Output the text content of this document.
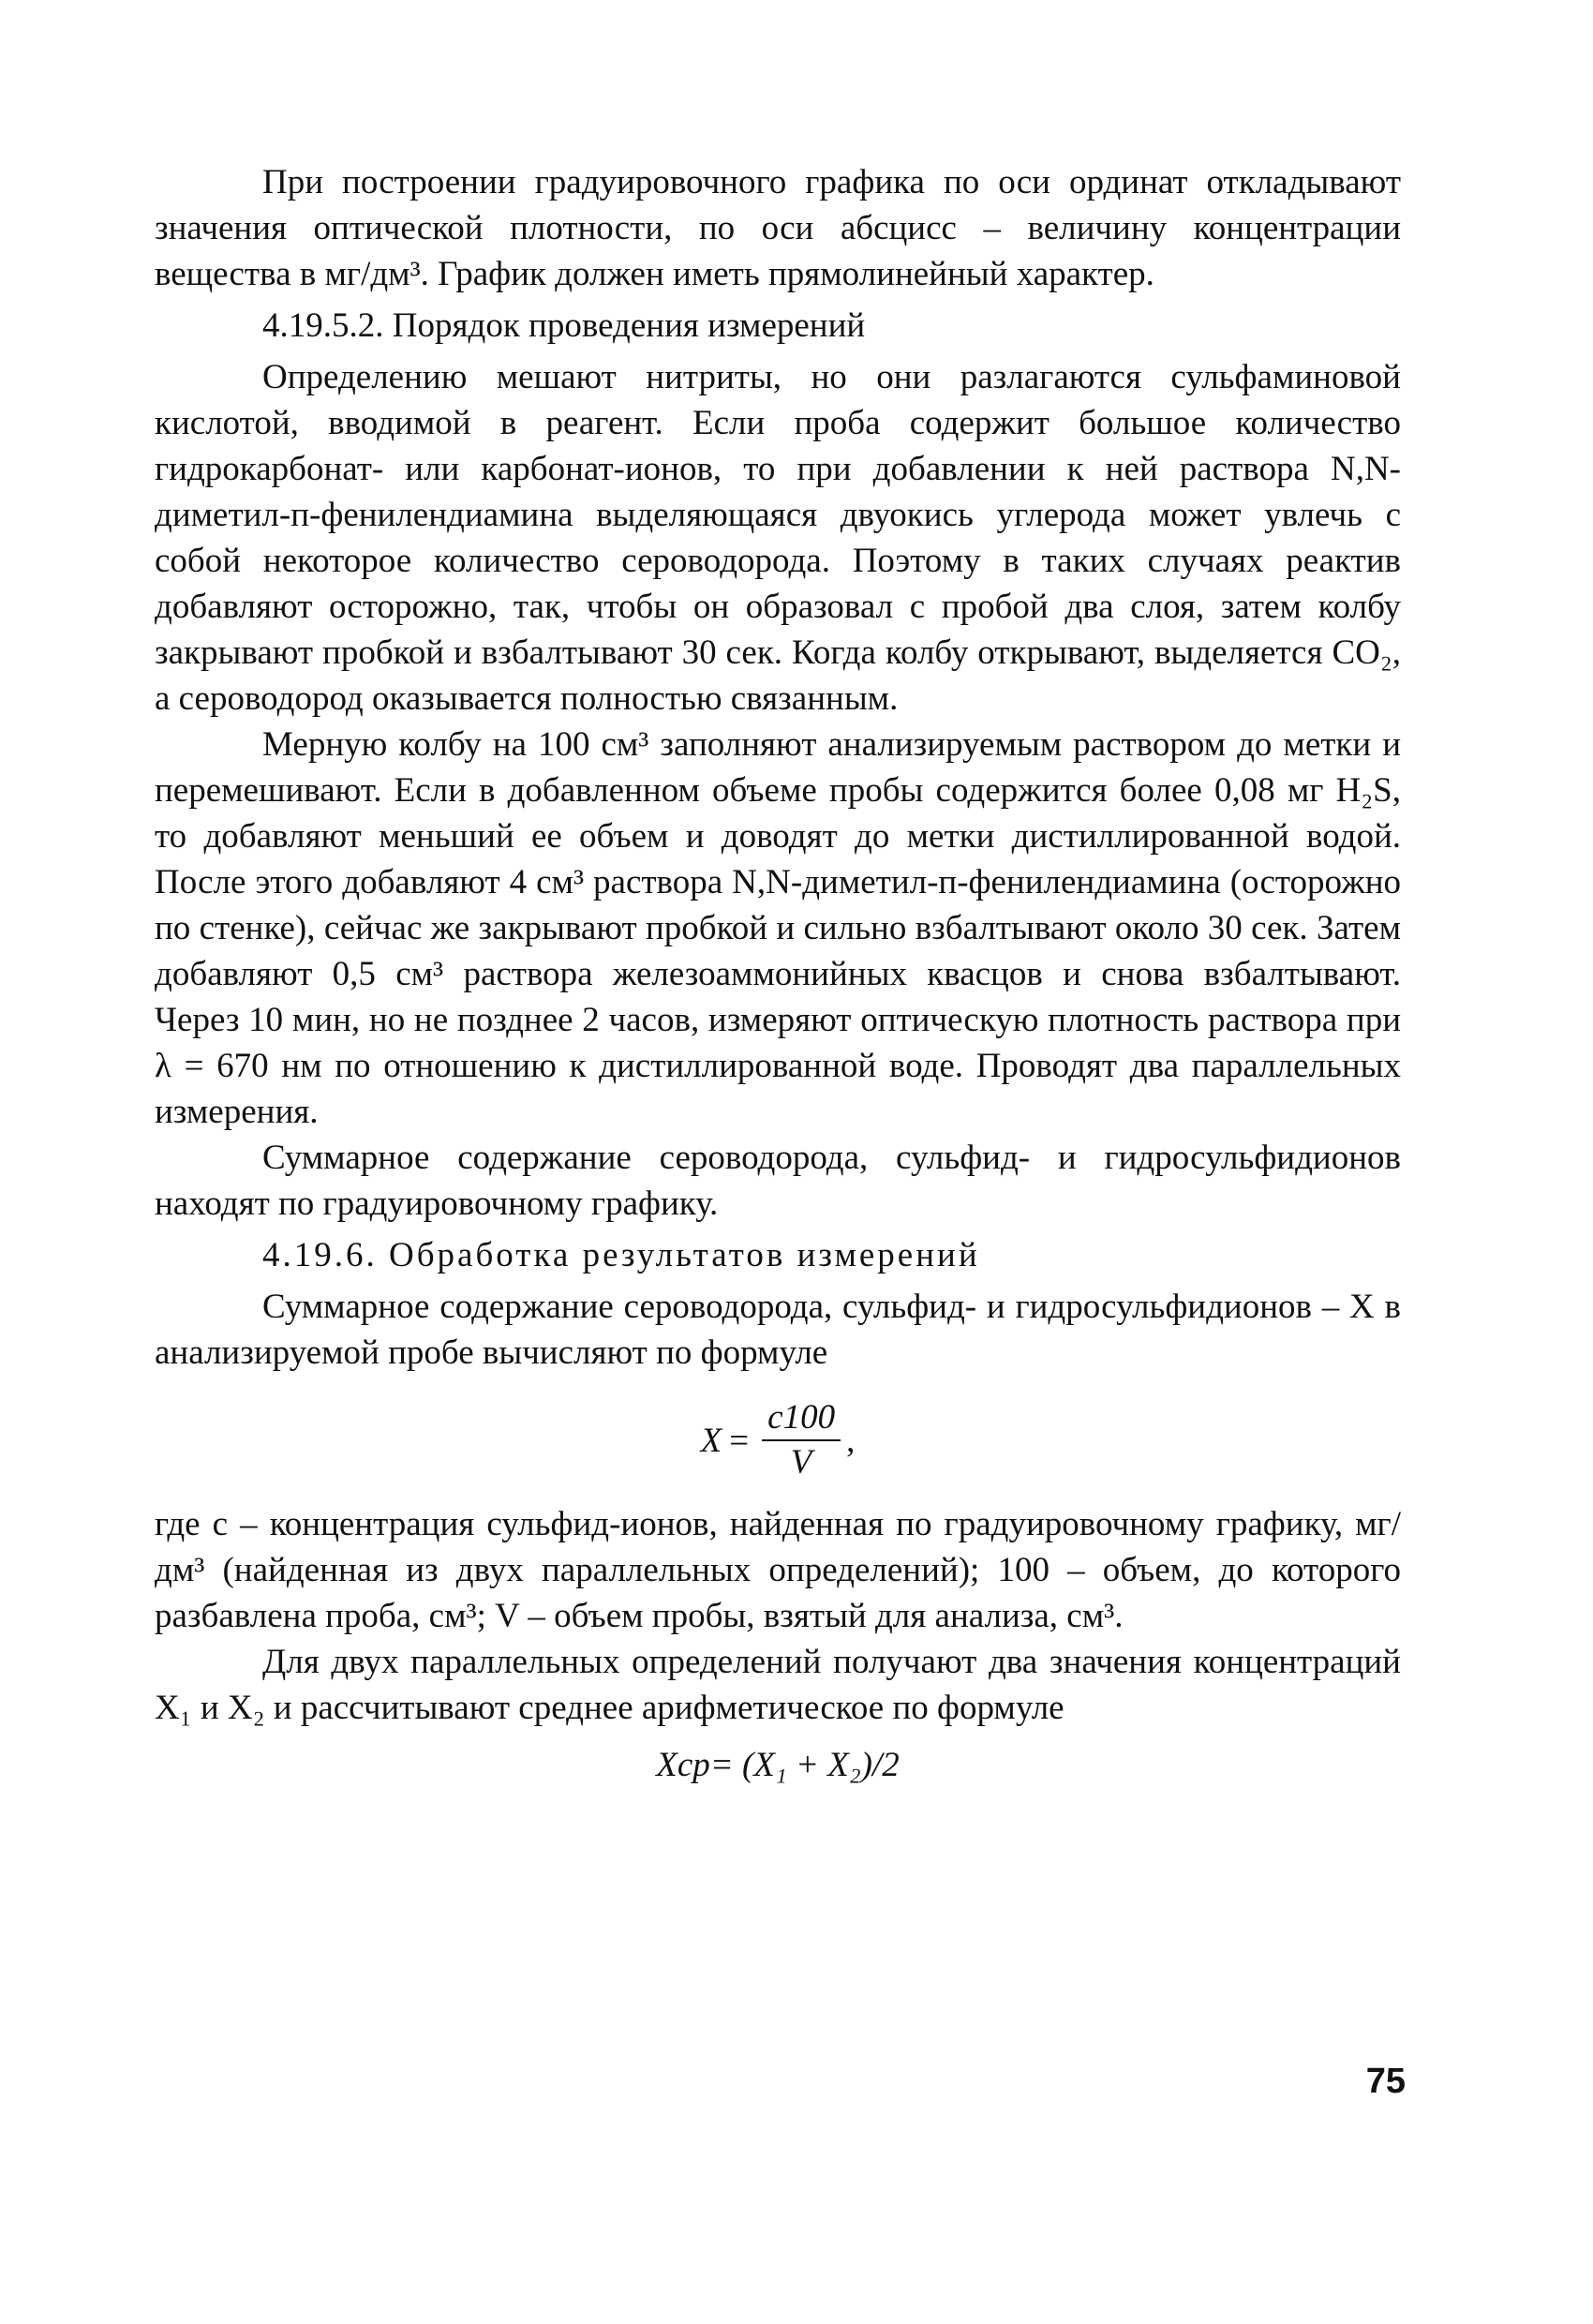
При построении градуировочного графика по оси ординат откладывают значения оптической плотности, по оси абсцисс – величину концентрации вещества в мг/дм³. График должен иметь прямолинейный характер.

4.19.5.2. Порядок проведения измерений

Определению мешают нитриты, но они разлагаются сульфаминовой кислотой, вводимой в реагент. Если проба содержит большое количество гидрокарбонат- или карбонат-ионов, то при добавлении к ней раствора N,N-диметил-п-фенилендиамина выделяющаяся двуокись углерода может увлечь с собой некоторое количество сероводорода. Поэтому в таких случаях реактив добавляют осторожно, так, чтобы он образовал с пробой два слоя, затем колбу закрывают пробкой и взбалтывают 30 сек. Когда колбу открывают, выделяется CO₂, а сероводород оказывается полностью связанным.

Мерную колбу на 100 см³ заполняют анализируемым раствором до метки и перемешивают. Если в добавленном объеме пробы содержится более 0,08 мг H₂S, то добавляют меньший ее объем и доводят до метки дистиллированной водой. После этого добавляют 4 см³ раствора N,N-диметил-п-фенилендиамина (осторожно по стенке), сейчас же закрывают пробкой и сильно взбалтывают около 30 сек. Затем добавляют 0,5 см³ раствора железоаммонийных квасцов и снова взбалтывают. Через 10 мин, но не позднее 2 часов, измеряют оптическую плотность раствора при λ = 670 нм по отношению к дистиллированной воде. Проводят два параллельных измерения.

Суммарное содержание сероводорода, сульфид- и гидросульфидионов находят по градуировочному графику.

4.19.6. Обработка результатов измерений

Суммарное содержание сероводорода, сульфид- и гидросульфидионов – X в анализируемой пробе вычисляют по формуле

$X = \frac{c100}{V}$ ,

где c – концентрация сульфид-ионов, найденная по градуировочному графику, мг/дм³ (найденная из двух параллельных определений); 100 – объем, до которого разбавлена проба, см³; V – объем пробы, взятый для анализа, см³.

Для двух параллельных определений получают два значения концентраций X₁ и X₂ и рассчитывают среднее арифметическое по формуле

Xср= (X₁ + X₂)/2

75
